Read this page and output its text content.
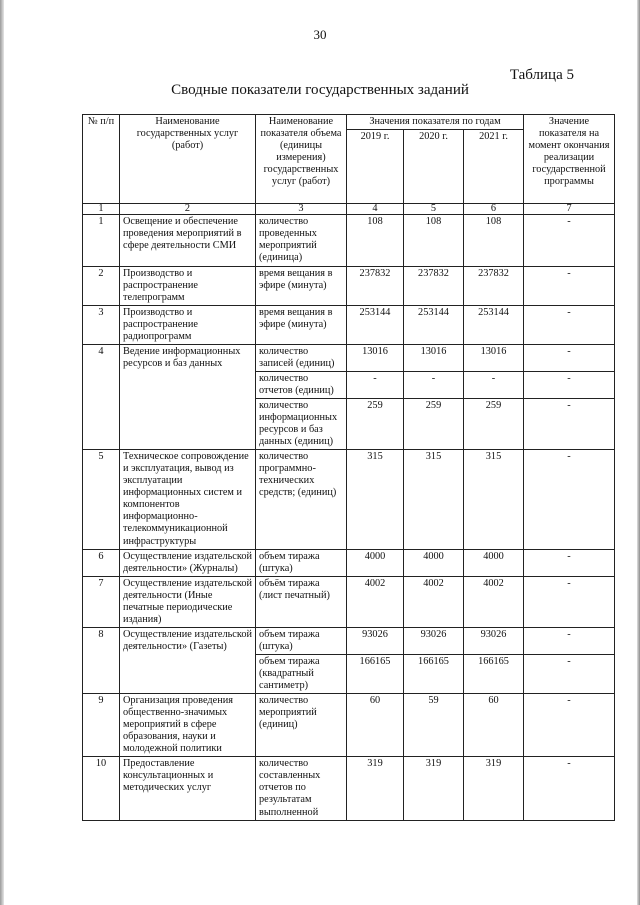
30
Таблица 5
Сводные показатели государственных заданий
№ п/п	Наименование государственных услуг (работ)	Наименование показателя объема (единицы измерения) государственных услуг (работ)	Значения показателя по годам			Значение показателя на момент окончания реализации государственной программы
			2019 г.	2020 г.	2021 г.	
1	2	3	4	5	6	7
1	Освещение и обеспечение проведения мероприятий в сфере деятельности СМИ	количество проведенных мероприятий (единица)	108	108	108	-
2	Производство и распространение телепрограмм	время вещания в эфире (минута)	237832	237832	237832	-
3	Производство и распространение радиопрограмм	время вещания в эфире (минута)	253144	253144	253144	-
4	Ведение информационных ресурсов и баз данных	количество записей (единиц)	13016	13016	13016	-
		количество отчетов (единиц)	-	-	-	-
		количество информационных ресурсов и баз данных (единиц)	259	259	259	-
5	Техническое сопровождение и эксплуатация, вывод из эксплуатации информационных систем и компонентов информационно-телекоммуникационной инфраструктуры	количество программно-технических средств; (единиц)	315	315	315	-
6	Осуществление издательской деятельности» (Журналы)	объем тиража (штука)	4000	4000	4000	-
7	Осуществление издательской деятельности (Иные печатные периодические издания)	объём тиража (лист печатный)	4002	4002	4002	-
8	Осуществление издательской деятельности» (Газеты)	объем тиража (штука)	93026	93026	93026	-
		объем тиража (квадратный сантиметр)	166165	166165	166165	-
9	Организация проведения общественно-значимых мероприятий в сфере образования, науки и молодежной политики	количество мероприятий (единиц)	60	59	60	-
10	Предоставление консультационных и методических услуг	количество составленных отчетов по результатам выполненной	319	319	319	-
